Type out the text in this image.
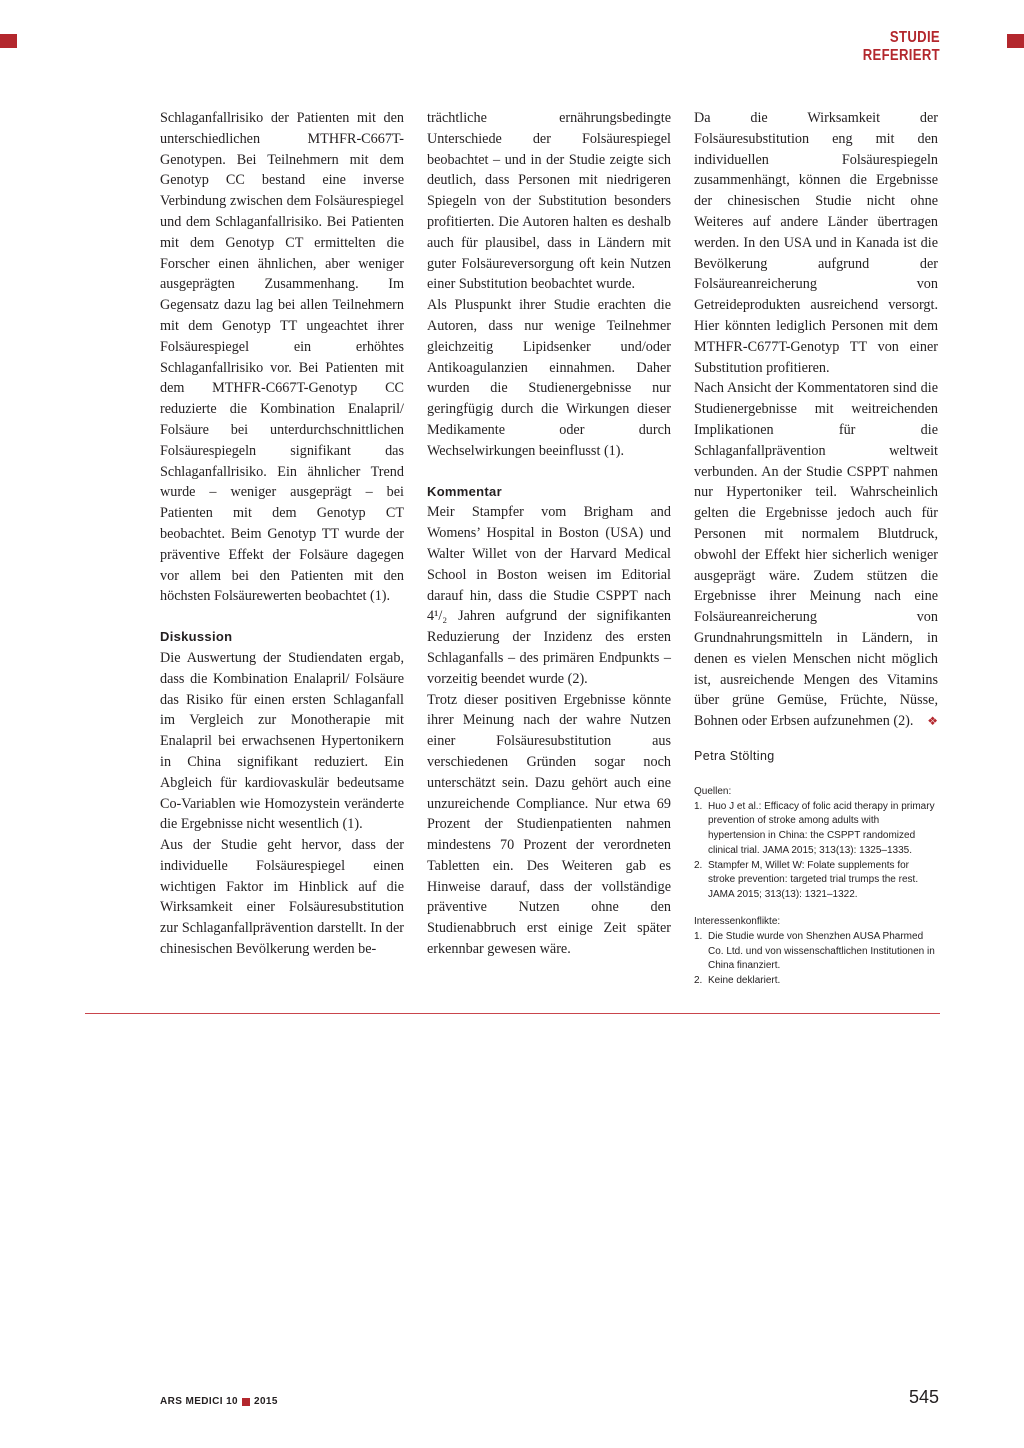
STUDIE REFERIERT

Schlaganfallrisiko der Patienten mit den unterschiedlichen MTHFR-C667T-Genotypen. Bei Teilnehmern mit dem Genotyp CC bestand eine inverse Verbindung zwischen dem Folsäurespiegel und dem Schlaganfallrisiko. Bei Patienten mit dem Genotyp CT ermittelten die Forscher einen ähnlichen, aber weniger ausgeprägten Zusammenhang. Im Gegensatz dazu lag bei allen Teilnehmern mit dem Genotyp TT ungeachtet ihrer Folsäurespiegel ein erhöhtes Schlaganfallrisiko vor. Bei Patienten mit dem MTHFR-C667T-Genotyp CC reduzierte die Kombination Enalapril/ Folsäure bei unterdurchschnittlichen Folsäurespiegeln signifikant das Schlaganfallrisiko. Ein ähnlicher Trend wurde – weniger ausgeprägt – bei Patienten mit dem Genotyp CT beobachtet. Beim Genotyp TT wurde der präventive Effekt der Folsäure dagegen vor allem bei den Patienten mit den höchsten Folsäurewerten beobachtet (1).

Diskussion

Die Auswertung der Studiendaten ergab, dass die Kombination Enalapril/ Folsäure das Risiko für einen ersten Schlaganfall im Vergleich zur Monotherapie mit Enalapril bei erwachsenen Hypertonikern in China signifikant reduziert. Ein Abgleich für kardiovaskulär bedeutsame Co-Variablen wie Homozystein veränderte die Ergebnisse nicht wesentlich (1).

Aus der Studie geht hervor, dass der individuelle Folsäurespiegel einen wichtigen Faktor im Hinblick auf die Wirksamkeit einer Folsäuresubstitution zur Schlaganfallprävention darstellt. In der chinesischen Bevölkerung werden be-

trächtliche ernährungsbedingte Unterschiede der Folsäurespiegel beobachtet – und in der Studie zeigte sich deutlich, dass Personen mit niedrigeren Spiegeln von der Substitution besonders profitierten. Die Autoren halten es deshalb auch für plausibel, dass in Ländern mit guter Folsäureversorgung oft kein Nutzen einer Substitution beobachtet wurde.

Als Pluspunkt ihrer Studie erachten die Autoren, dass nur wenige Teilnehmer gleichzeitig Lipidsenker und/oder Antikoagulanzien einnahmen. Daher wurden die Studienergebnisse nur geringfügig durch die Wirkungen dieser Medikamente oder durch Wechselwirkungen beeinflusst (1).

Kommentar

Meir Stampfer vom Brigham and Womens’ Hospital in Boston (USA) und Walter Willet von der Harvard Medical School in Boston weisen im Editorial darauf hin, dass die Studie CSPPT nach 4¹/₂ Jahren aufgrund der signifikanten Reduzierung der Inzidenz des ersten Schlaganfalls – des primären Endpunkts – vorzeitig beendet wurde (2).

Trotz dieser positiven Ergebnisse könnte ihrer Meinung nach der wahre Nutzen einer Folsäuresubstitution aus verschiedenen Gründen sogar noch unterschätzt sein. Dazu gehört auch eine unzureichende Compliance. Nur etwa 69 Prozent der Studienpatienten nahmen mindestens 70 Prozent der verordneten Tabletten ein. Des Weiteren gab es Hinweise darauf, dass der vollständige präventive Nutzen ohne den Studienabbruch erst einige Zeit später erkennbar gewesen wäre.

Da die Wirksamkeit der Folsäuresubstitution eng mit den individuellen Folsäurespiegeln zusammenhängt, können die Ergebnisse der chinesischen Studie nicht ohne Weiteres auf andere Länder übertragen werden. In den USA und in Kanada ist die Bevölkerung aufgrund der Folsäureanreicherung von Getreideprodukten ausreichend versorgt. Hier könnten lediglich Personen mit dem MTHFR-C677T-Genotyp TT von einer Substitution profitieren.

Nach Ansicht der Kommentatoren sind die Studienergebnisse mit weitreichenden Implikationen für die Schlaganfallprävention weltweit verbunden. An der Studie CSPPT nahmen nur Hypertoniker teil. Wahrscheinlich gelten die Ergebnisse jedoch auch für Personen mit normalem Blutdruck, obwohl der Effekt hier sicherlich weniger ausgeprägt wäre. Zudem stützen die Ergebnisse ihrer Meinung nach eine Folsäureanreicherung von Grundnahrungsmitteln in Ländern, in denen es vielen Menschen nicht möglich ist, ausreichende Mengen des Vitamins über grüne Gemüse, Früchte, Nüsse, Bohnen oder Erbsen aufzunehmen (2). ❖

Petra Stölting

Quellen:

1. Huo J et al.: Efficacy of folic acid therapy in primary prevention of stroke among adults with hypertension in China: the CSPPT randomized clinical trial. JAMA 2015; 313(13): 1325–1335.
2. Stampfer M, Willet W: Folate supplements for stroke prevention: targeted trial trumps the rest. JAMA 2015; 313(13): 1321–1322.

Interessenkonflikte:

1. Die Studie wurde von Shenzhen AUSA Pharmed Co. Ltd. und von wissenschaftlichen Institutionen in China finanziert.
2. Keine deklariert.
ARS MEDICI 10 2015	545
